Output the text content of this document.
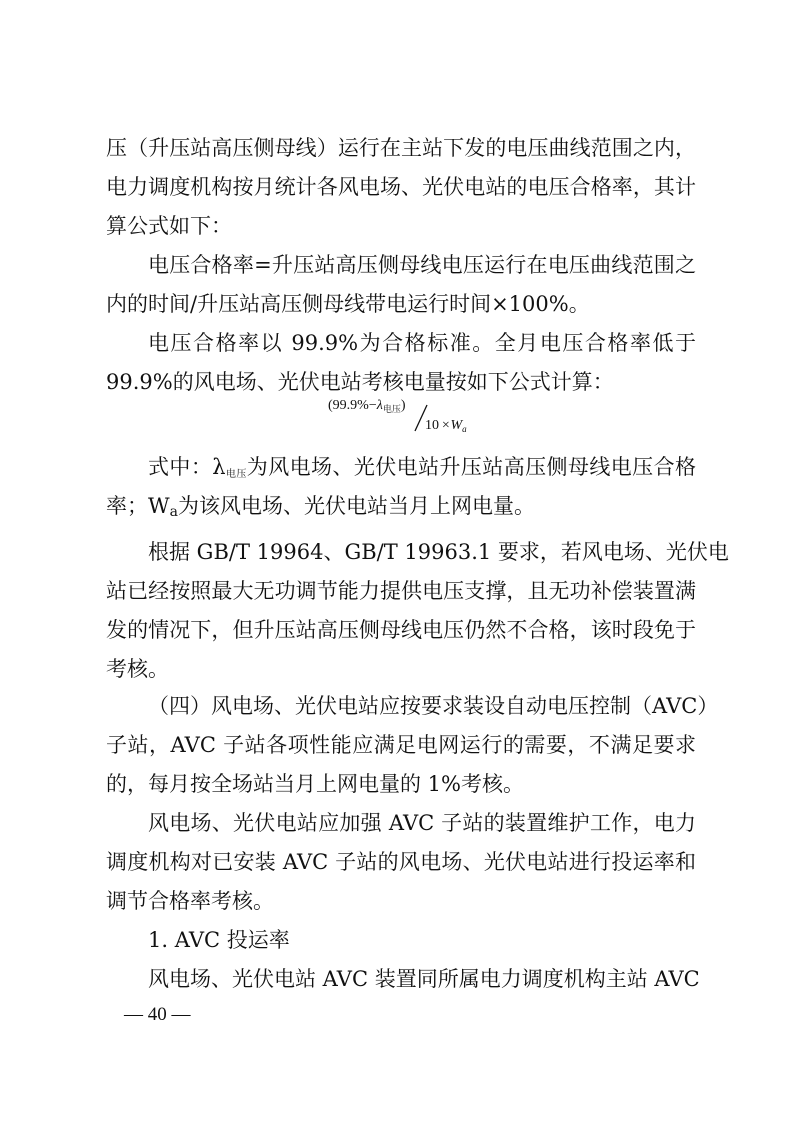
压（升压站高压侧母线）运行在主站下发的电压曲线范围之内，
电力调度机构按月统计各风电场、光伏电站的电压合格率，其计
算公式如下：
电压合格率=升压站高压侧母线电压运行在电压曲线范围之
内的时间/升压站高压侧母线带电运行时间×100%。
电压合格率以 99.9%为合格标准。全月电压合格率低于
99.9%的风电场、光伏电站考核电量按如下公式计算：
$(99.9\%-\lambda_{电压})$
$10 \times W_a$
式中：$\lambda_{电压}$为风电场、光伏电站升压站高压侧母线电压合格
率；Wa为该风电场、光伏电站当月上网电量。
根据 GB/T 19964、GB/T 19963.1 要求，若风电场、光伏电
站已经按照最大无功调节能力提供电压支撑，且无功补偿装置满
发的情况下，但升压站高压侧母线电压仍然不合格，该时段免于
考核。
（四）风电场、光伏电站应按要求装设自动电压控制（AVC）
子站，AVC 子站各项性能应满足电网运行的需要，不满足要求
的，每月按全场站当月上网电量的 1%考核。
风电场、光伏电站应加强 AVC 子站的装置维护工作，电力
调度机构对已安装 AVC 子站的风电场、光伏电站进行投运率和
调节合格率考核。
1. AVC 投运率
风电场、光伏电站 AVC 装置同所属电力调度机构主站 AVC
— 40 —
